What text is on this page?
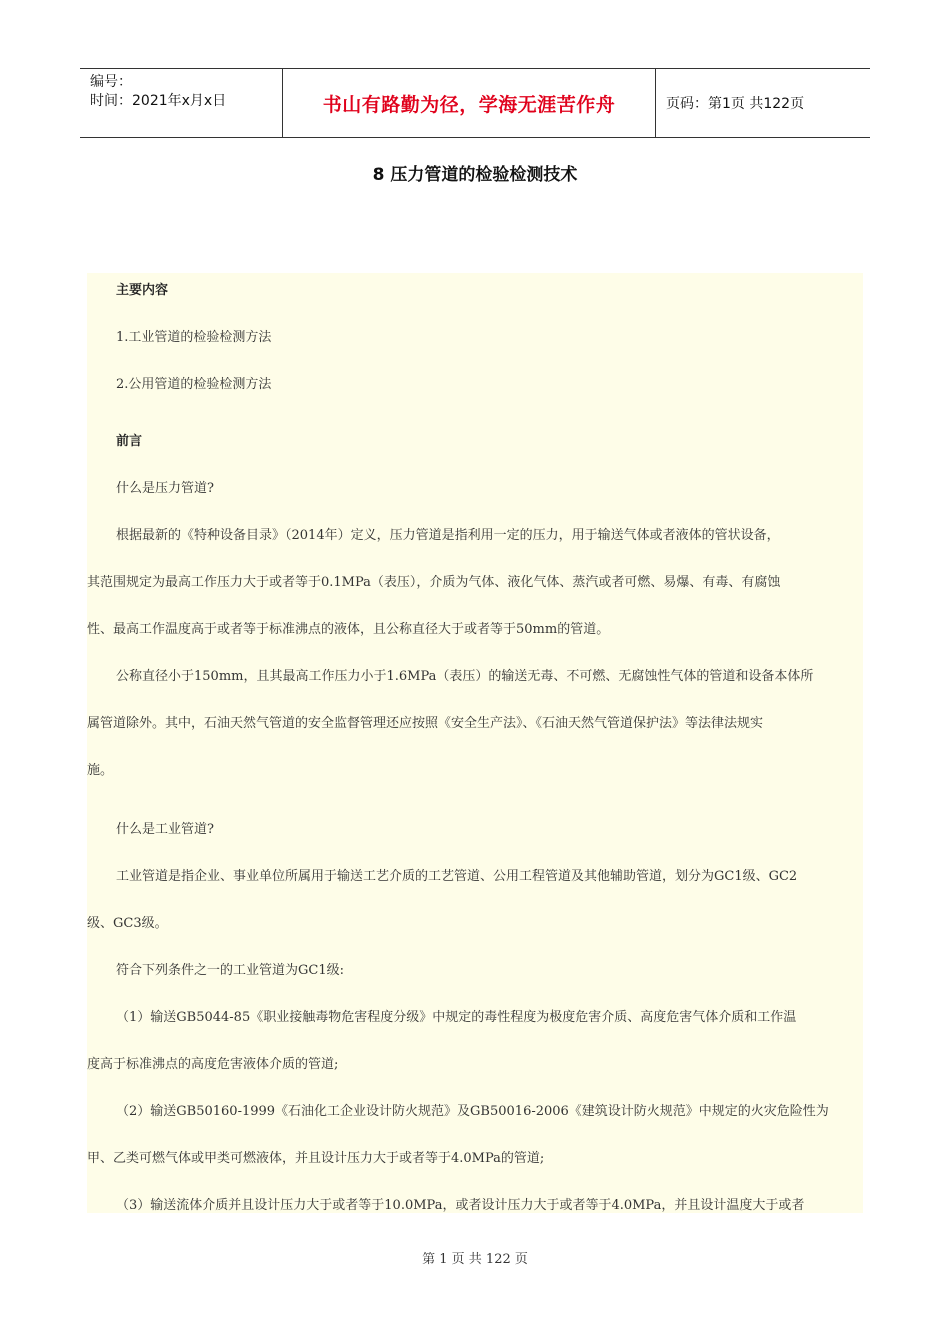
编号：
时间：2021年x月x日	书山有路勤为径，学海无涯苦作舟	页码：第1页 共122页
8 压力管道的检验检测技术
主要内容
1.工业管道的检验检测方法
2.公用管道的检验检测方法
前言
什么是压力管道?
根据最新的《特种设备目录》（2014年）定义，压力管道是指利用一定的压力，用于输送气体或者液体的管状设备，
其范围规定为最高工作压力大于或者等于0.1MPa（表压），介质为气体、液化气体、蒸汽或者可燃、易爆、有毒、有腐蚀
性、最高工作温度高于或者等于标准沸点的液体，且公称直径大于或者等于50mm的管道。
公称直径小于150mm，且其最高工作压力小于1.6MPa（表压）的输送无毒、不可燃、无腐蚀性气体的管道和设备本体所
属管道除外。其中，石油天然气管道的安全监督管理还应按照《安全生产法》、《石油天然气管道保护法》等法律法规实
施。
什么是工业管道?
工业管道是指企业、事业单位所属用于输送工艺介质的工艺管道、公用工程管道及其他辅助管道，划分为GC1级、GC2
级、GC3级。
符合下列条件之一的工业管道为GC1级:
（1）输送GB5044-85《职业接触毒物危害程度分级》中规定的毒性程度为极度危害介质、高度危害气体介质和工作温
度高于标准沸点的高度危害液体介质的管道;
（2）输送GB50160-1999《石油化工企业设计防火规范》及GB50016-2006《建筑设计防火规范》中规定的火灾危险性为
甲、乙类可燃气体或甲类可燃液体，并且设计压力大于或者等于4.0MPa的管道;
（3）输送流体介质并且设计压力大于或者等于10.0MPa，或者设计压力大于或者等于4.0MPa，并且设计温度大于或者
第 1 页 共 122 页
